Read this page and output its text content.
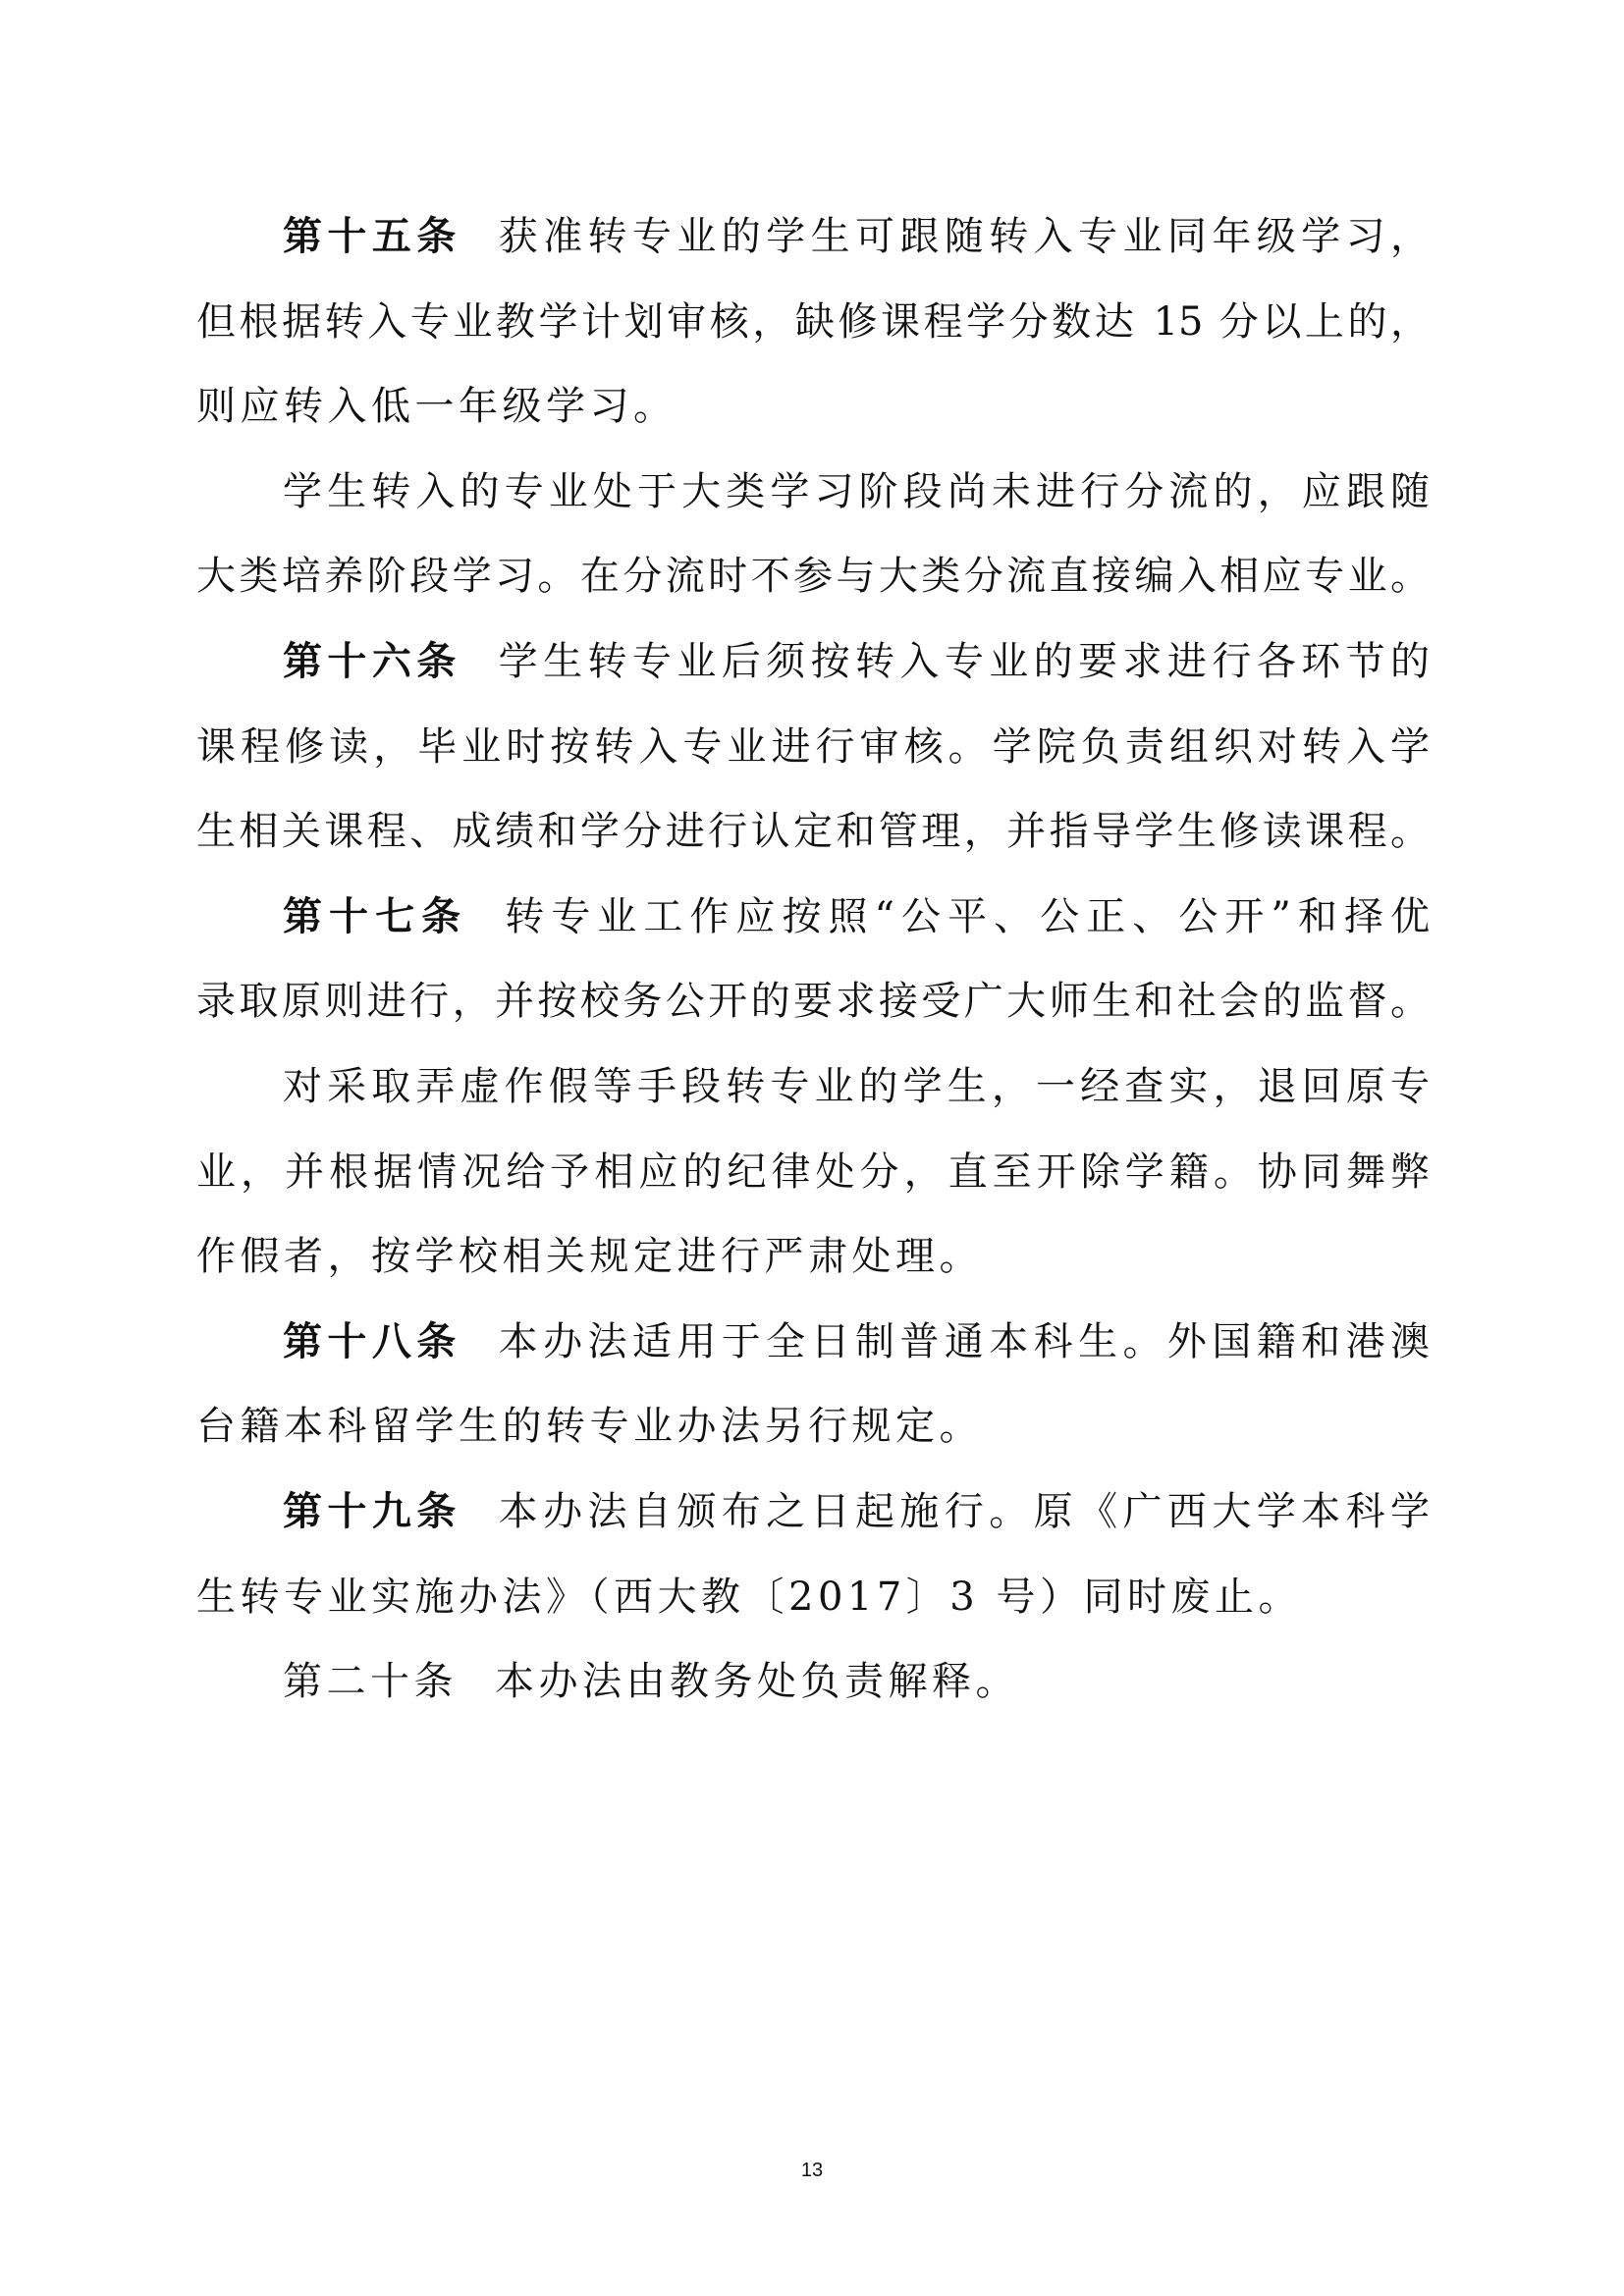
第十五条 获准转专业的学生可跟随转入专业同年级学习，
但根据转入专业教学计划审核，缺修课程学分数达 15 分以上的，
则应转入低一年级学习。
学生转入的专业处于大类学习阶段尚未进行分流的，应跟随
大类培养阶段学习。在分流时不参与大类分流直接编入相应专业。
第十六条 学生转专业后须按转入专业的要求进行各环节的
课程修读，毕业时按转入专业进行审核。学院负责组织对转入学
生相关课程、成绩和学分进行认定和管理，并指导学生修读课程。
第十七条 转专业工作应按照“公平、公正、公开”和择优
录取原则进行，并按校务公开的要求接受广大师生和社会的监督。
对采取弄虚作假等手段转专业的学生，一经查实，退回原专
业，并根据情况给予相应的纪律处分，直至开除学籍。协同舞弊
作假者，按学校相关规定进行严肃处理。
第十八条 本办法适用于全日制普通本科生。外国籍和港澳
台籍本科留学生的转专业办法另行规定。
第十九条 本办法自颁布之日起施行。原《广西大学本科学
生转专业实施办法》（西大教〔2017〕3 号）同时废止。
第二十条 本办法由教务处负责解释。
13
